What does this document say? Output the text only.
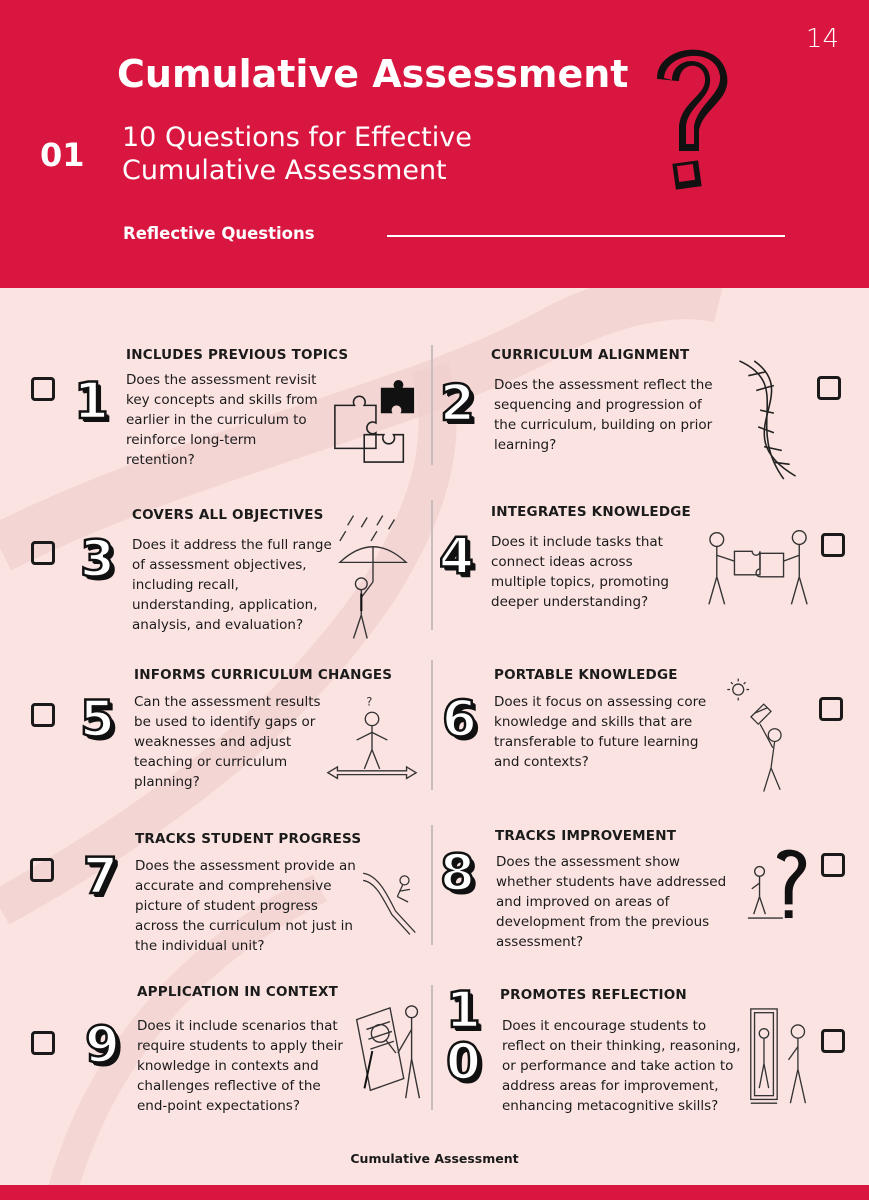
14
Cumulative Assessment
01 10 Questions for Effective Cumulative Assessment
Reflective Questions
1
INCLUDES PREVIOUS TOPICS
Does the assessment revisit key concepts and skills from earlier in the curriculum to reinforce long-term retention?
CURRICULUM ALIGNMENT
2 Does the assessment reflect the sequencing and progression of the curriculum, building on prior learning?
3
COVERS ALL OBJECTIVES
Does it address the full range of assessment objectives, including recall, understanding, application, analysis, and evaluation?
INTEGRATES KNOWLEDGE
4 Does it include tasks that connect ideas across multiple topics, promoting deeper understanding?
5
INFORMS CURRICULUM CHANGES
Can the assessment results be used to identify gaps or weaknesses and adjust teaching or curriculum planning?
?
PORTABLE KNOWLEDGE
6 Does it focus on assessing core knowledge and skills that are transferable to future learning and contexts?
7
TRACKS STUDENT PROGRESS
Does the assessment provide an accurate and comprehensive picture of student progress across the curriculum not just in the individual unit?
TRACKS IMPROVEMENT
8 Does the assessment show whether students have addressed and improved on areas of development from the previous assessment?
9
APPLICATION IN CONTEXT
Does it include scenarios that require students to apply their knowledge in contexts and challenges reflective of the end-point expectations?
10
PROMOTES REFLECTION
Does it encourage students to reflect on their thinking, reasoning, or performance and take action to address areas for improvement, enhancing metacognitive skills?
Cumulative Assessment
